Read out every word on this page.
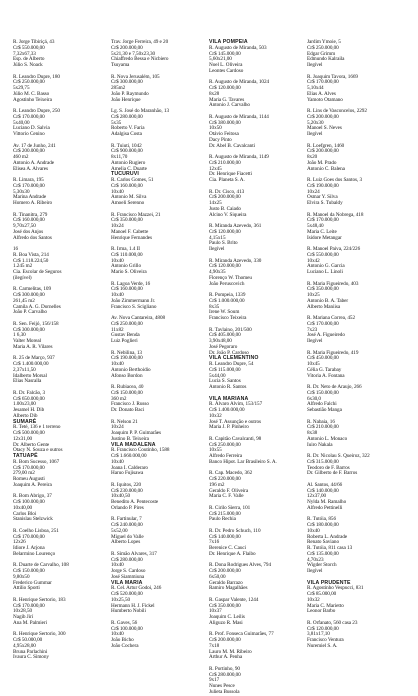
R. Jorge Tibiriçá, 43
Cr$ 550.000,00
7,32x67,33
Esp. de Alberto
Júlio S. Noack

R. Leandro Dupre, 180
Cr$ 250.000,00
5x29,75
Júlio M. C. Basso
Agostinho Teixeira

R. Leandro Dupre, 250
Cr$ 170.000,00
5x40,00
Luciano D. Salvia
Vittorio Cenino

Av. 17 de Junho, 241
Cr$ 200.000,00
460 m2
Antonio A. Andrade
Elisea A. Alvares

R. Limara, 195
Cr$ 170.000,00
5,30x30
Marina Andrade
Homero A. Ribeiro

R. Tinanitra, 279
Cr$ 160.000,00
9,70x27,50
José dos Anjos
Alfredo dos Santos

16
R. Boa Vista, 214
Cr$ 1.118.224,50
1.245 m2
Cia. Escolar de Seguros
(ilegível)

R. Carmelitas, 109
Cr$ 300.000,00
261,45 m2
Camila A. G. Dornelles
João P. Carvalho

R. Sen. Feijó, 156/158
Cr$ 300.000,00
1 6,30
Valter Moreal
Maria A. R. Vilares

R. 25 de Março, 937
Cr$ 1.400.000,00
2,37x11,50
Idalberto Morsal
Elias Nasralla

R. Dr. Falcão, 3
Cr$ 650.000,00
1.00x23,00
Jesamel H. Dib
Alberto Dib
SUMARÉ
R. Teté, 136 e 1 terreno
Cr$ 500.000,00
12x31,00
Dr. Alberto Gente
Otacy N. Souza e outros
TATUAPÉ
R. Bom Sucesso, 1067
Cr$ 170.000,00
279,00 m2
Romeu Augusti
Joaquim A. Pereira

R. Bom Abrigo, 37
Cr$ 100.000,00
10x40,00
Carlos Bloi
Stanislau Stelzwick

R. Coelho Lisboa, 251
Cr$ 170.000,00
12x26
Idiore J. Arjona
Belarmino Lourenço

R. Duarte de Carvalho, 108
Cr$ 150.000,00
9,80x50
Frederico Gummar
Attilio Sporti

R. Henrique Sertorio, 183
Cr$ 170.000,00
10x28,50
Nagib Jirí
Ana M. Palmieri

R. Henrique Sertorio, 300
Cr$ 50.000,00
4,95x28,00
Bruna Parlachini
Ivaura C. Simony
Trav. Jorge Ferreira, 49 e 20
Cr$ 200.000,00
5x21,30 e 7,50x23,30
Chiaffredo Bessa e Nicbiero
Tsuyama

R. Nova Jerusalém, 105
Cr$ 300.000,00
285m2
João P. Raymundo
João Henrique

Lg. S. José do Maranhão, 13
Cr$ 280.000,00
5x35
Roberto V. Faria
Adalgisa Costa

R. Tuiuti, 1042
Cr$ 900.000,00
8x11,70
Antonio Rugiero
Amelia C. Duarte
TUCURUVI
R. Carlos Gomes, 51
Cr$ 160.000,00
10x40
Antonio M. Silva
Amoeli Serenno

R. Francisco Mazzei, 21
Cr$ 350.000,00
10x24
Manoel F. Cabette
Henrique Fernandes

R. Irma, 1.4 II
Cr$ 110.000,00
10x40
Antonio Grillo
Mario S. Oliveira

R. Lagoa Verde, 16
Cr$ 160.000,00
10x40
João Zimmermann Jr.
Francisco S. Scigliano

Av. Nova Cantareira, 4808
Cr$ 250.000,00
11x82
Gustav Benda
Luiz Poglieri

R. Nebilina, 13
Cr$ 190.000,00
10x40
Antonio Berthoidio
Afonso Bordon

R. Rubiacea, 40
Cr$ 150.000,00
360 m2
Francisco J. Russo
Dr. Donato Baci

R. Nelson 21
10x24
Joaquim P. P. Guimarães
Justino B. Teixeira
VILA MADALENA
R. Francisco Coutinho, 1588
Cr$ 1.660.000,00
10x40
Joana I. Calderaro
Haruo Fujisawa

R. Iquitos, 220
Cr$ 230.000,00
10x40,50
Benedito A. Pentecoste
Orlando P. Pires

R. Fartinular, 7
Cr$ 240.000,00
5x52,00
Miguel do Valle
Alberto Lopes

R. Simão Alvares, 317
Cr$ 280.000,00
10x40
Jorge S. Cardoso
José Siammiuna
VILA MARIA
R. Cel. Artur Godoi, 246
Cr$ 520.000,00
10x25,50
Hermann H. J. Fickel
Humberto Nobili

R. Gaves, 56
Cr$ 100.000,00
10x40
João Bicho
João Cochera
VILA POMPEIA
R. Augusto de Miranda, 503
Cr$ 145.000,00
5,60x21,00
Noel L. Oliveira
Leontes Cardoso

R. Augusto de Miranda, 1024
Cr$ 120.000,00
8x28
Maria G. Tavares
Antonio J. Carvalho

R. Augusto de Miranda, 1144
Cr$ 380.000,00
10x50
Otávio Feitosa
Dacy Pinto
Dr. Abel B. Cavalcanti

R. Augusto de Miranda, 1149
Cr$ 210.000,00
12x45
Dr. Henrique Fiacetti
Cia. Planeta S. A.

R. Dr. Cisco, 413
Cr$ 200.000,00
14x25
Justo B. Caiado
Alcino V. Siqueira

R. Miranda Azevedo, 361
Cr$ 120.000,00
4,15x15
Paulo S. Brito
Ilegível

R. Miranda Azevedo, 330
Cr$ 120.000,00
4,90x35
Florenço W. Thomeu
João Peruscovich

R. Pompeia, 1339
Cr$ 1.000.000,00
8x35
Irene W. Soum
Francisco Teixeira

R. Tavlaino, 201/500
Cr$ 405.000,00
3,90x48,00
José Pegoraro
Dr. João P. Cardoso
VILA CLEMENTINO
R. Leandro Dupre, 54
Cr$ 115.000,00
5x44,00
Lucia S. Santos
Antonio R. Santos

VILA MARIANA
R. Álvaro Alvim, 153/157
Cr$ 1.400.000,00
10x32
José T. Assunção e outros
Maria J. P. Pinheiro

R. Capitão Cavalcanti, 98
Cr$ 250.000,00
10x55
Alfredo Ferreira
Banco Hipot. Lar Brasileiro S. A.

R. Cap. Macedo, 362
Cr$ 220.000,00
196 m2
Geraldo F. Oliveira
Maria C. F. Valle

R. Cirilo Sierra, 101
Cr$ 215.000,00
Paulo Rechia

R. Dr. Pedro Schuch, 110
Cr$ 140.000,00
7x16
Berenice C. Cauci
Dr. Henrique A. Flaibo

R. Dona Rodrigues Alves, 794
Cr$ 200.000,00
6x50,00
Geraldo Barrazo
Ramiro Magalhães

R. Gaspar Valente, 1244
Cr$ 350.000,00
10x37
Joaquim C. Leilis
Aliguzo R. Masi

R. Prof. Fonseca Guimarães, 77
Cr$ 200.000,00
7x18
Lauro M. M. Ribeiro
Arthur A. Penha

R. Portinho, 90
Cr$ 280.000,00
9x17
Nunes Pesce
Julieta Bussola
Jardim Ymoie, 5
Cr$ 250.000,00
Edgar Grimm
Edmundo Kalraila
Ilegível

R. Joaquim Tavora, 1669
Cr$ 170.000,00
5,10x44
Elias A. Alves
Yamoto Otamano

R. Lins de Vasconcelos, 2292
Cr$ 200.000,00
5,20x30
Manoel S. Neves
Ilegível

R. Loefgren, 1460
Cr$ 200.000,00
8x20
João M. Prado
Antonio C. Balena

R. Luiz Goes dos Santos, 3
Cr$ 190.000,00
10x24
Osmar Y. Silva
Elvira S. Tubaldy

R. Manoel da Nobrega, 418
Cr$ 170.000,00
5x48,40
Maria C. Leite
Isidore Metangar

R. Manoel Paiva, 224/226
Cr$ 550.000,00
10x42
Antonio G. Garcia
Luciano L. Linoli

R. Maria Figueiredo, 403
Cr$ 350.000,00
10x25
Antonio B. A. Taber
Alberto Maniisa

R. Mariana Correa, 452
Cr$ 170.000,00
7x23
José A. Figueiredo
Ilegível

R. Maria Figueiredo, 419
Cr$ 450.000,00
10x45
Célia G. Tarabay
Vitoria A. Fontana

R. Dr. Neto de Araujo, 266
Cr$ 150.000,00
6x30,0
Alfredo Falchi
Sebastião Manga

R. Nabaia, 16
Cr$ 210.000,00
8x38
Antonio L. Monaco
Iuiro Nakala

R. Dr. Nicolau S. Queiroz, 322
Cr$ 315.000,00
Teodoro de F. Barros
Dr. Gilberto de F. Barros

Al. Santos, 44/66
Cr$ 140.000,00
12x37,00
Nylda M. Ramalho
Alfredo Pettinelli

R. Tutóia, 856
Cr$ 180.000,00
10x40
Roberta L. Andrade
Renato Saviano
R. Tutóia, 811 casa 13
Cr$ 135.000,00
4,70x23
Wigder Storch
Ilegível

VILA PRUDENTE
R. Agostinho Vespucci, 831
Cr$ 85.000,00
10x32
Maria C. Marietto
Leonor Barbo

R. Orfanato, 560 casa 23
Cr$ 120.000,00
3,81x17,10
Francisco Ventura
Nuremiel S. A.
